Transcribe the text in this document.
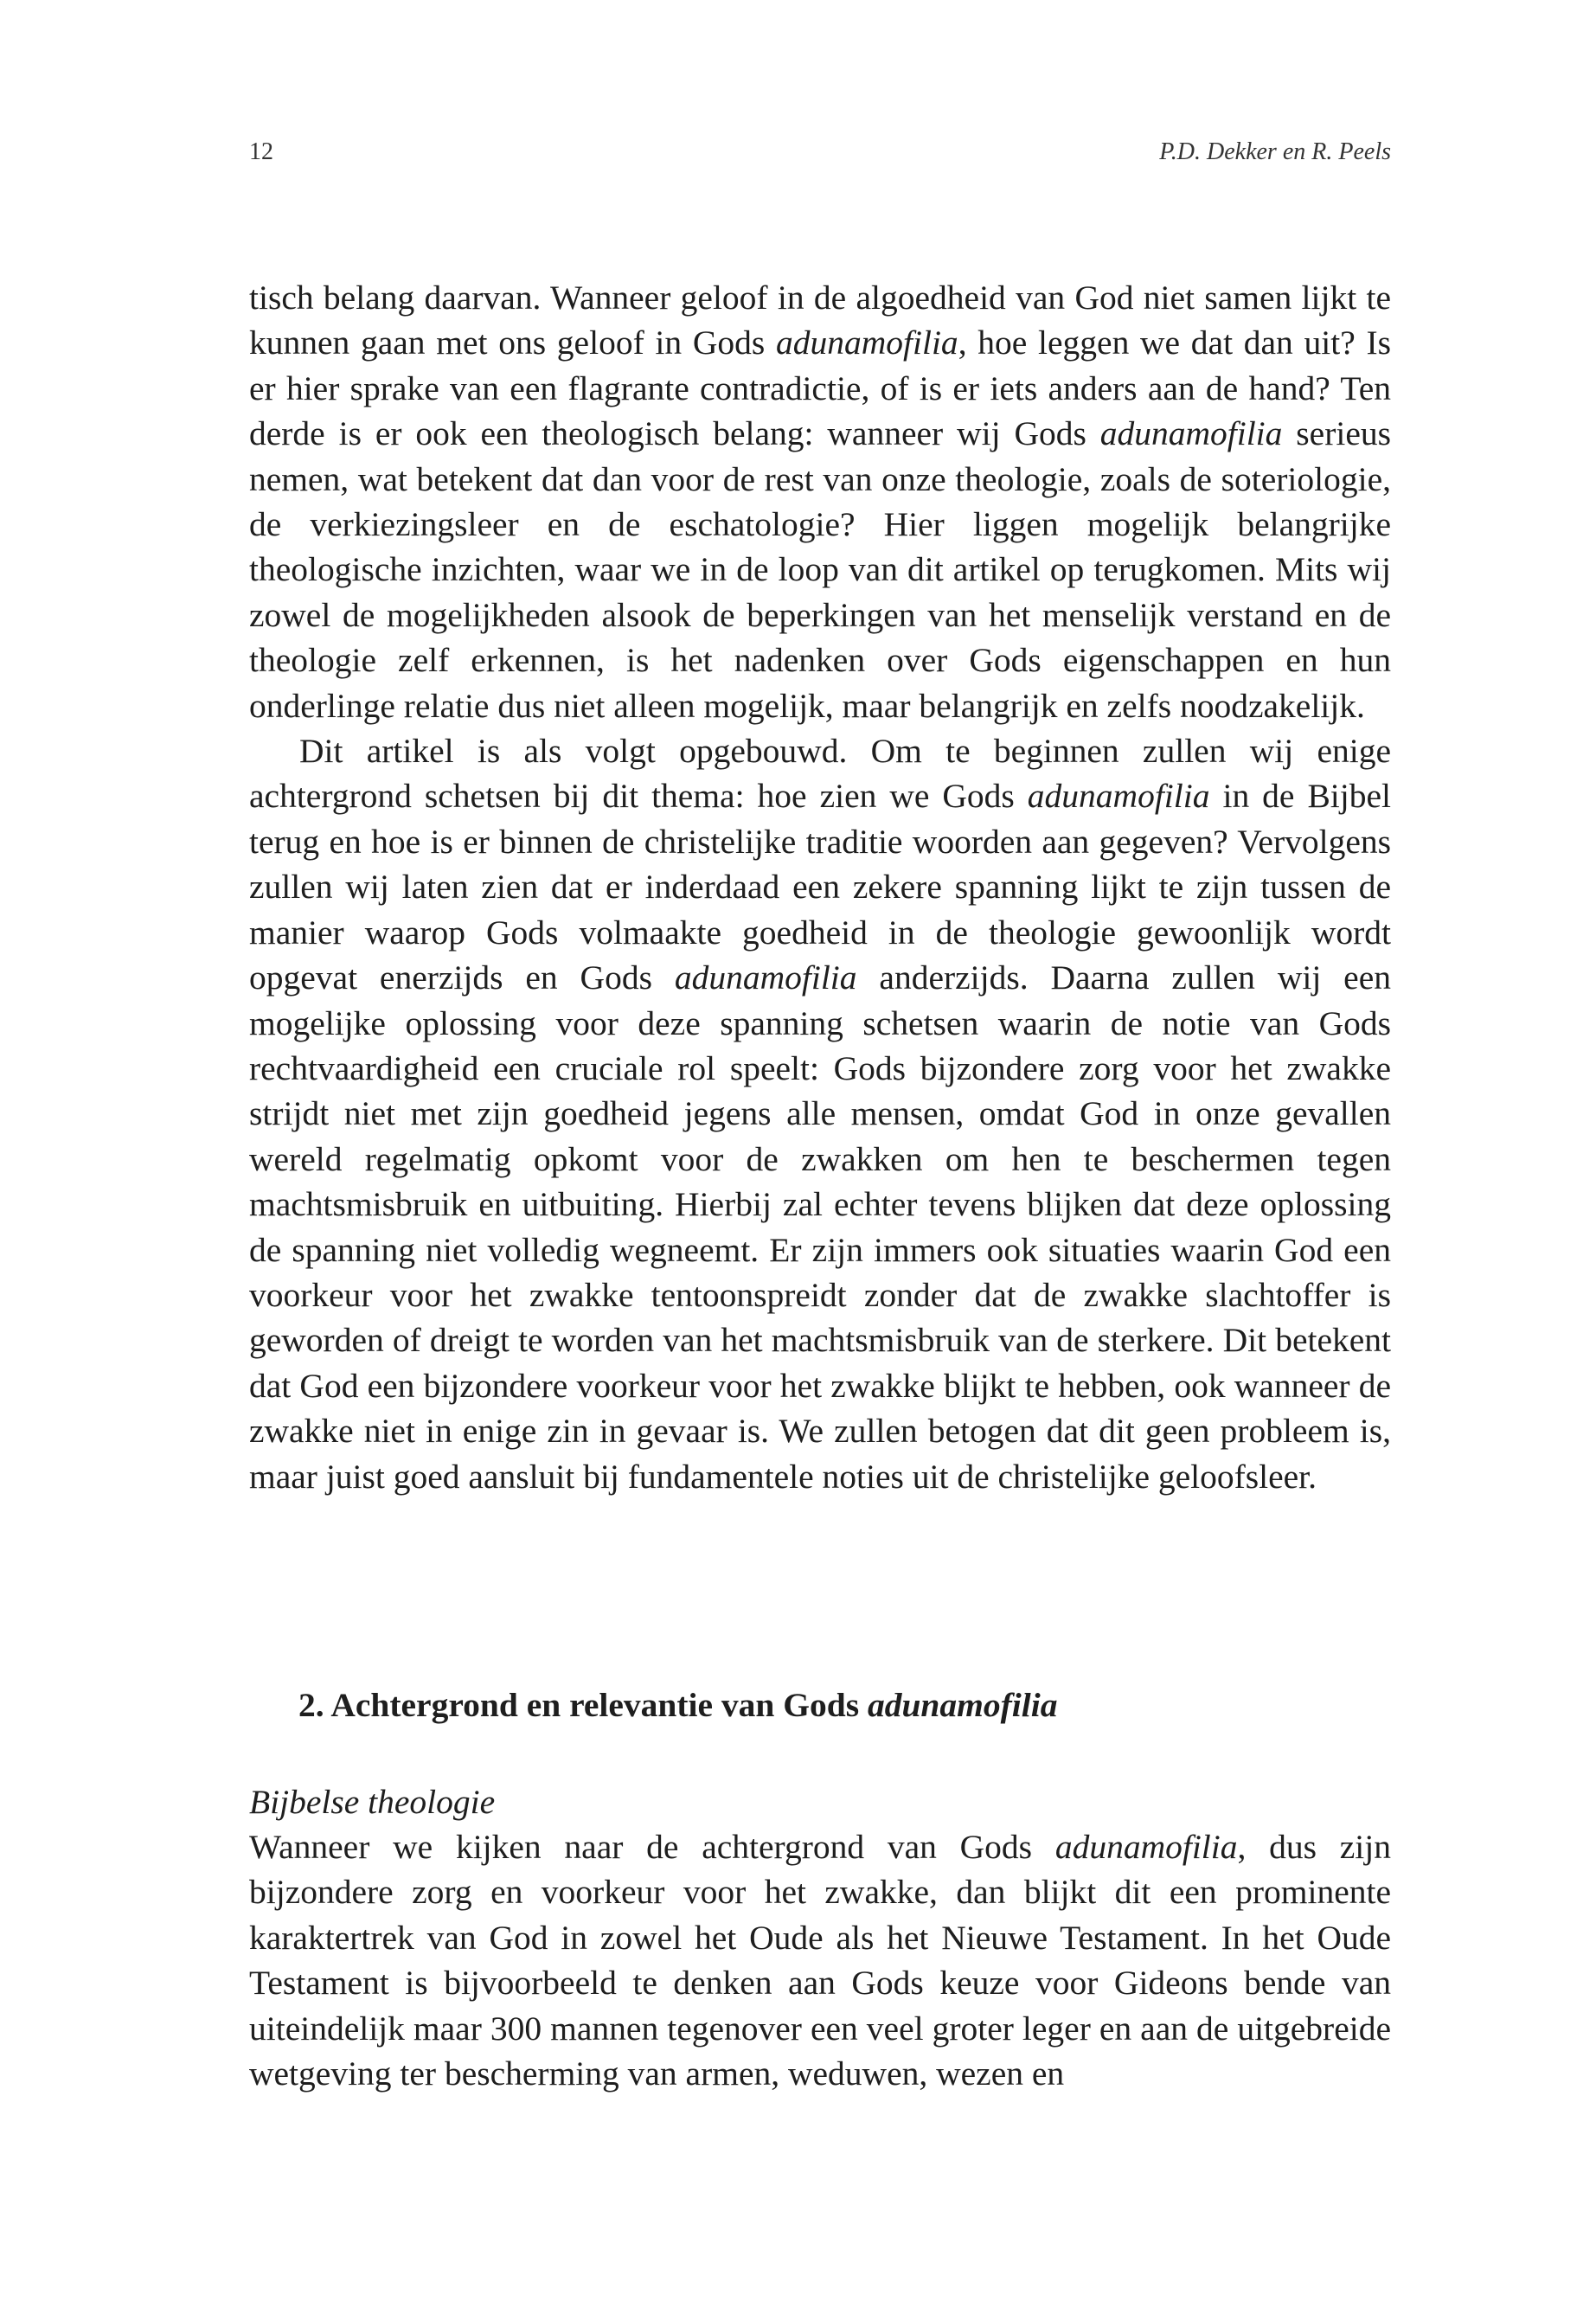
12	P.D. Dekker en R. Peels

tisch belang daarvan. Wanneer geloof in de algoedheid van God niet samen lijkt te kunnen gaan met ons geloof in Gods adunamofilia, hoe leggen we dat dan uit? Is er hier sprake van een flagrante contradictie, of is er iets anders aan de hand? Ten derde is er ook een theologisch belang: wanneer wij Gods adunamofilia serieus nemen, wat betekent dat dan voor de rest van onze theologie, zoals de soteriologie, de verkiezingsleer en de eschatologie? Hier liggen mogelijk belangrijke theologische inzichten, waar we in de loop van dit artikel op terugkomen. Mits wij zowel de mogelijkheden alsook de beperkingen van het menselijk verstand en de theologie zelf erkennen, is het nadenken over Gods eigenschappen en hun onderlinge relatie dus niet alleen mogelijk, maar belangrijk en zelfs noodzakelijk.

Dit artikel is als volgt opgebouwd. Om te beginnen zullen wij enige achtergrond schetsen bij dit thema: hoe zien we Gods adunamofilia in de Bijbel terug en hoe is er binnen de christelijke traditie woorden aan gegeven? Vervolgens zullen wij laten zien dat er inderdaad een zekere spanning lijkt te zijn tussen de manier waarop Gods volmaakte goedheid in de theologie gewoonlijk wordt opgevat enerzijds en Gods adunamofilia anderzijds. Daarna zullen wij een mogelijke oplossing voor deze spanning schetsen waarin de notie van Gods rechtvaardigheid een cruciale rol speelt: Gods bijzondere zorg voor het zwakke strijdt niet met zijn goedheid jegens alle mensen, omdat God in onze gevallen wereld regelmatig opkomt voor de zwakken om hen te beschermen tegen machtsmisbruik en uitbuiting. Hierbij zal echter tevens blijken dat deze oplossing de spanning niet volledig wegneemt. Er zijn immers ook situaties waarin God een voorkeur voor het zwakke tentoonspreidt zonder dat de zwakke slachtoffer is geworden of dreigt te worden van het machtsmisbruik van de sterkere. Dit betekent dat God een bijzondere voorkeur voor het zwakke blijkt te hebben, ook wanneer de zwakke niet in enige zin in gevaar is. We zullen betogen dat dit geen probleem is, maar juist goed aansluit bij fundamentele noties uit de christelijke geloofsleer.

2. Achtergrond en relevantie van Gods adunamofilia
Bijbelse theologie

Wanneer we kijken naar de achtergrond van Gods adunamofilia, dus zijn bijzondere zorg en voorkeur voor het zwakke, dan blijkt dit een prominente karaktertrek van God in zowel het Oude als het Nieuwe Testament. In het Oude Testament is bijvoorbeeld te denken aan Gods keuze voor Gideons bende van uiteindelijk maar 300 mannen tegenover een veel groter leger en aan de uitgebreide wetgeving ter bescherming van armen, weduwen, wezen en
